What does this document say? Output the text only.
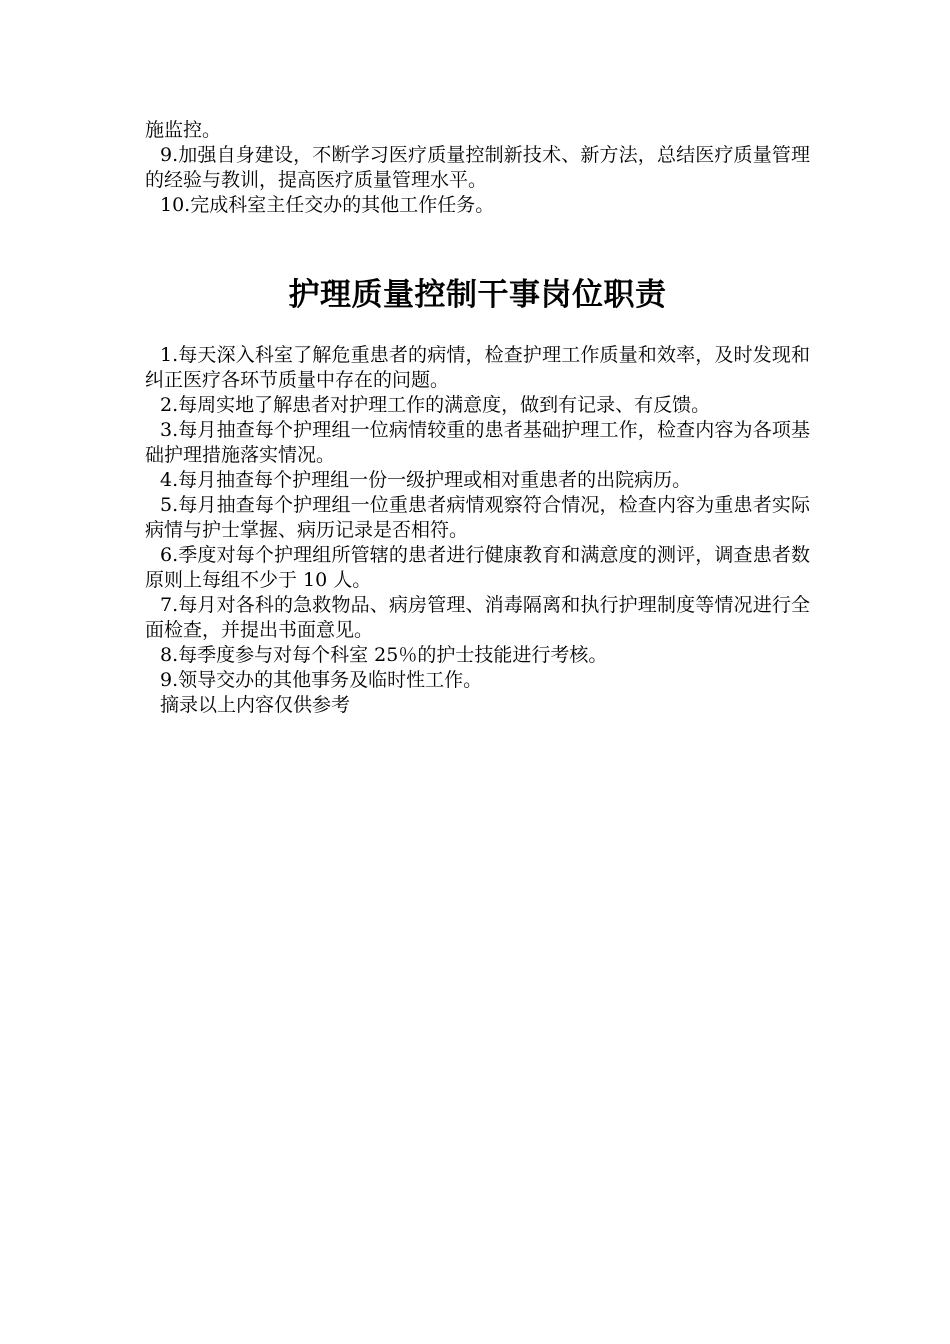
施监控。

9.加强自身建设，不断学习医疗质量控制新技术、新方法，总结医疗质量管理的经验与教训，提高医疗质量管理水平。

10.完成科室主任交办的其他工作任务。

护理质量控制干事岗位职责

1.每天深入科室了解危重患者的病情，检查护理工作质量和效率，及时发现和纠正医疗各环节质量中存在的问题。

2.每周实地了解患者对护理工作的满意度，做到有记录、有反馈。

3.每月抽查每个护理组一位病情较重的患者基础护理工作，检查内容为各项基础护理措施落实情况。

4.每月抽查每个护理组一份一级护理或相对重患者的出院病历。

5.每月抽查每个护理组一位重患者病情观察符合情况，检查内容为重患者实际病情与护士掌握、病历记录是否相符。

6.季度对每个护理组所管辖的患者进行健康教育和满意度的测评，调查患者数原则上每组不少于 10 人。

7.每月对各科的急救物品、病房管理、消毒隔离和执行护理制度等情况进行全面检查，并提出书面意见。

8.每季度参与对每个科室 25％的护士技能进行考核。

9.领导交办的其他事务及临时性工作。

摘录以上内容仅供参考
